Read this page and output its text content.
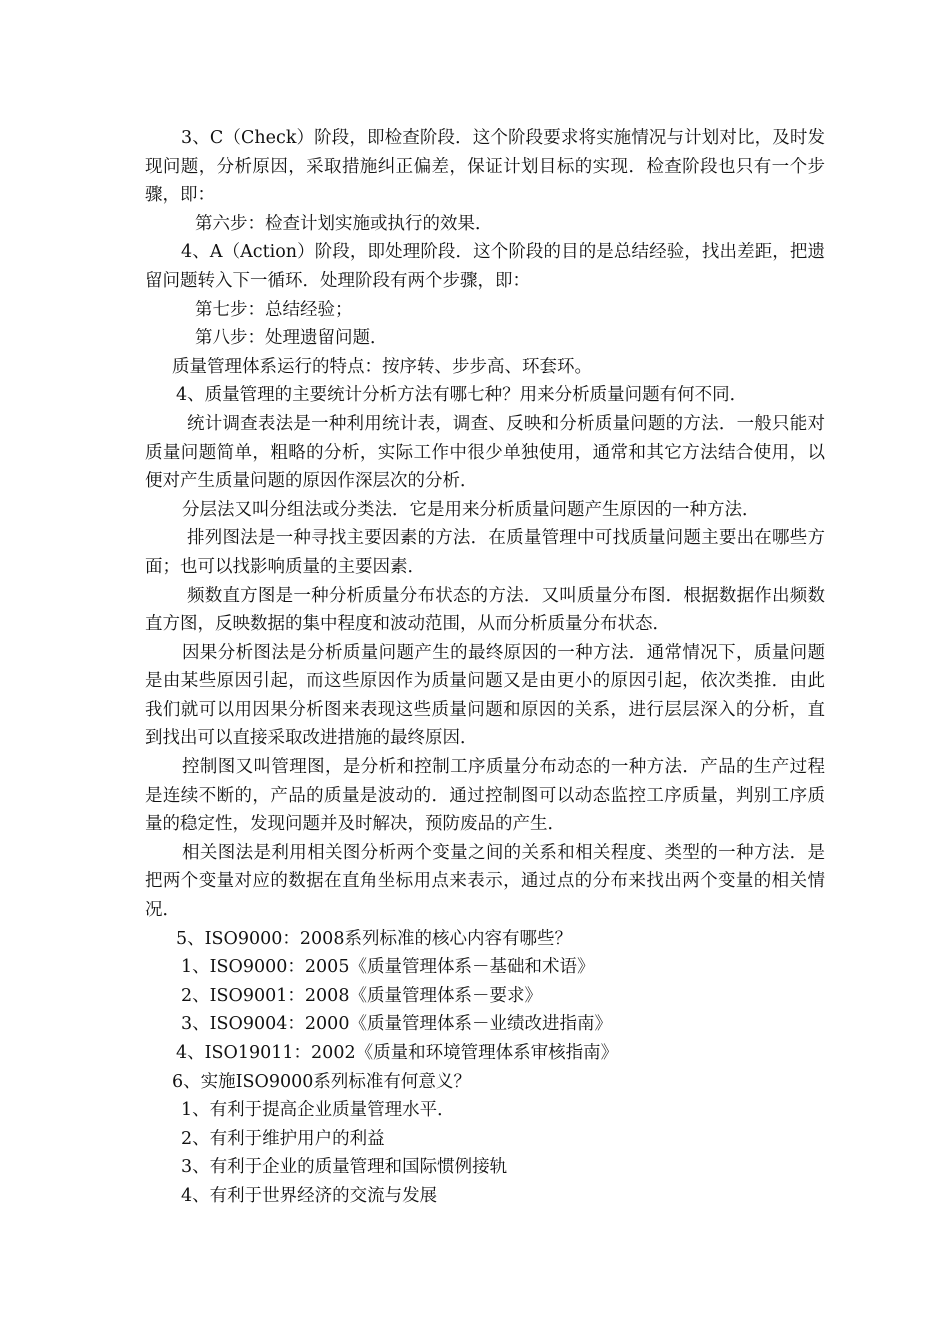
3、C（Check）阶段，即检查阶段．这个阶段要求将实施情况与计划对比，及时发现问题，分析原因，采取措施纠正偏差，保证计划目标的实现．检查阶段也只有一个步骤，即：

第六步：检查计划实施或执行的效果．

4、A（Action）阶段，即处理阶段．这个阶段的目的是总结经验，找出差距，把遗留问题转入下一循环．处理阶段有两个步骤，即：

第七步：总结经验；

第八步：处理遗留问题．

质量管理体系运行的特点：按序转、步步高、环套环。

4、质量管理的主要统计分析方法有哪七种？用来分析质量问题有何不同．

统计调查表法是一种利用统计表，调查、反映和分析质量问题的方法．一般只能对质量问题简单，粗略的分析，实际工作中很少单独使用，通常和其它方法结合使用，以便对产生质量问题的原因作深层次的分析．

分层法又叫分组法或分类法．它是用来分析质量问题产生原因的一种方法．

排列图法是一种寻找主要因素的方法．在质量管理中可找质量问题主要出在哪些方面；也可以找影响质量的主要因素．

频数直方图是一种分析质量分布状态的方法．又叫质量分布图．根据数据作出频数直方图，反映数据的集中程度和波动范围，从而分析质量分布状态．

因果分析图法是分析质量问题产生的最终原因的一种方法．通常情况下，质量问题是由某些原因引起，而这些原因作为质量问题又是由更小的原因引起，依次类推．由此我们就可以用因果分析图来表现这些质量问题和原因的关系，进行层层深入的分析，直到找出可以直接采取改进措施的最终原因．

控制图又叫管理图，是分析和控制工序质量分布动态的一种方法．产品的生产过程是连续不断的，产品的质量是波动的．通过控制图可以动态监控工序质量，判别工序质量的稳定性，发现问题并及时解决，预防废品的产生．

相关图法是利用相关图分析两个变量之间的关系和相关程度、类型的一种方法．是把两个变量对应的数据在直角坐标用点来表示，通过点的分布来找出两个变量的相关情况．

5、ISO9000：2008系列标准的核心内容有哪些？

1、ISO9000：2005《质量管理体系－基础和术语》

2、ISO9001：2008《质量管理体系－要求》

3、ISO9004：2000《质量管理体系－业绩改进指南》

4、ISO19011：2002《质量和环境管理体系审核指南》

6、实施ISO9000系列标准有何意义？

1、有利于提高企业质量管理水平．

2、有利于维护用户的利益

3、有利于企业的质量管理和国际惯例接轨

4、有利于世界经济的交流与发展
